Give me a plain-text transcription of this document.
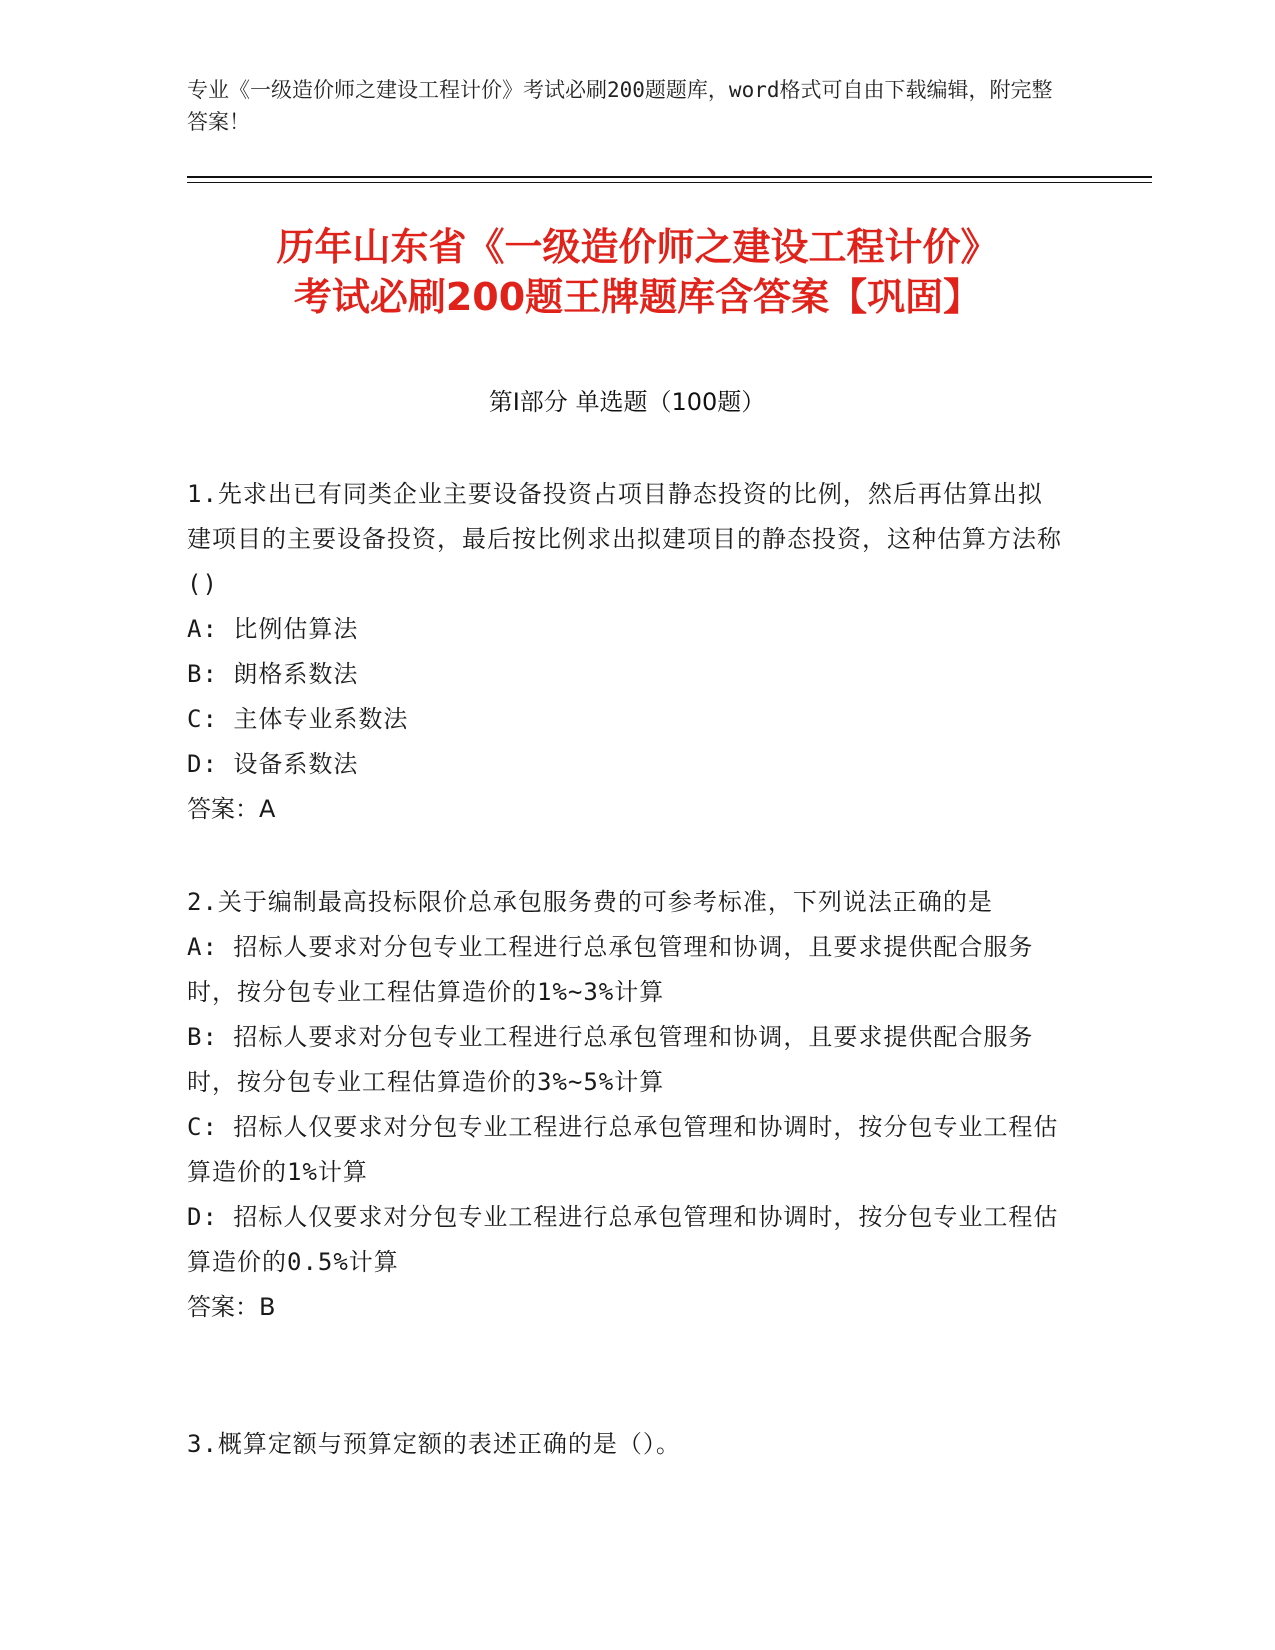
专业《一级造价师之建设工程计价》考试必刷200题题库，word格式可自由下载编辑，附完整答案！
历年山东省《一级造价师之建设工程计价》
考试必刷200题王牌题库含答案【巩固】
第I部分 单选题（100题）

1.先求出已有同类企业主要设备投资占项目静态投资的比例，然后再估算出拟建项目的主要设备投资，最后按比例求出拟建项目的静态投资，这种估算方法称()

A: 比例估算法

B: 朗格系数法

C: 主体专业系数法

D: 设备系数法

答案：A

2.关于编制最高投标限价总承包服务费的可参考标准，下列说法正确的是

A: 招标人要求对分包专业工程进行总承包管理和协调，且要求提供配合服务时，按分包专业工程估算造价的1%~3%计算

B: 招标人要求对分包专业工程进行总承包管理和协调，且要求提供配合服务时，按分包专业工程估算造价的3%~5%计算

C: 招标人仅要求对分包专业工程进行总承包管理和协调时，按分包专业工程估算造价的1%计算

D: 招标人仅要求对分包专业工程进行总承包管理和协调时，按分包专业工程估算造价的0.5%计算

答案：B

3.概算定额与预算定额的表述正确的是（）。
